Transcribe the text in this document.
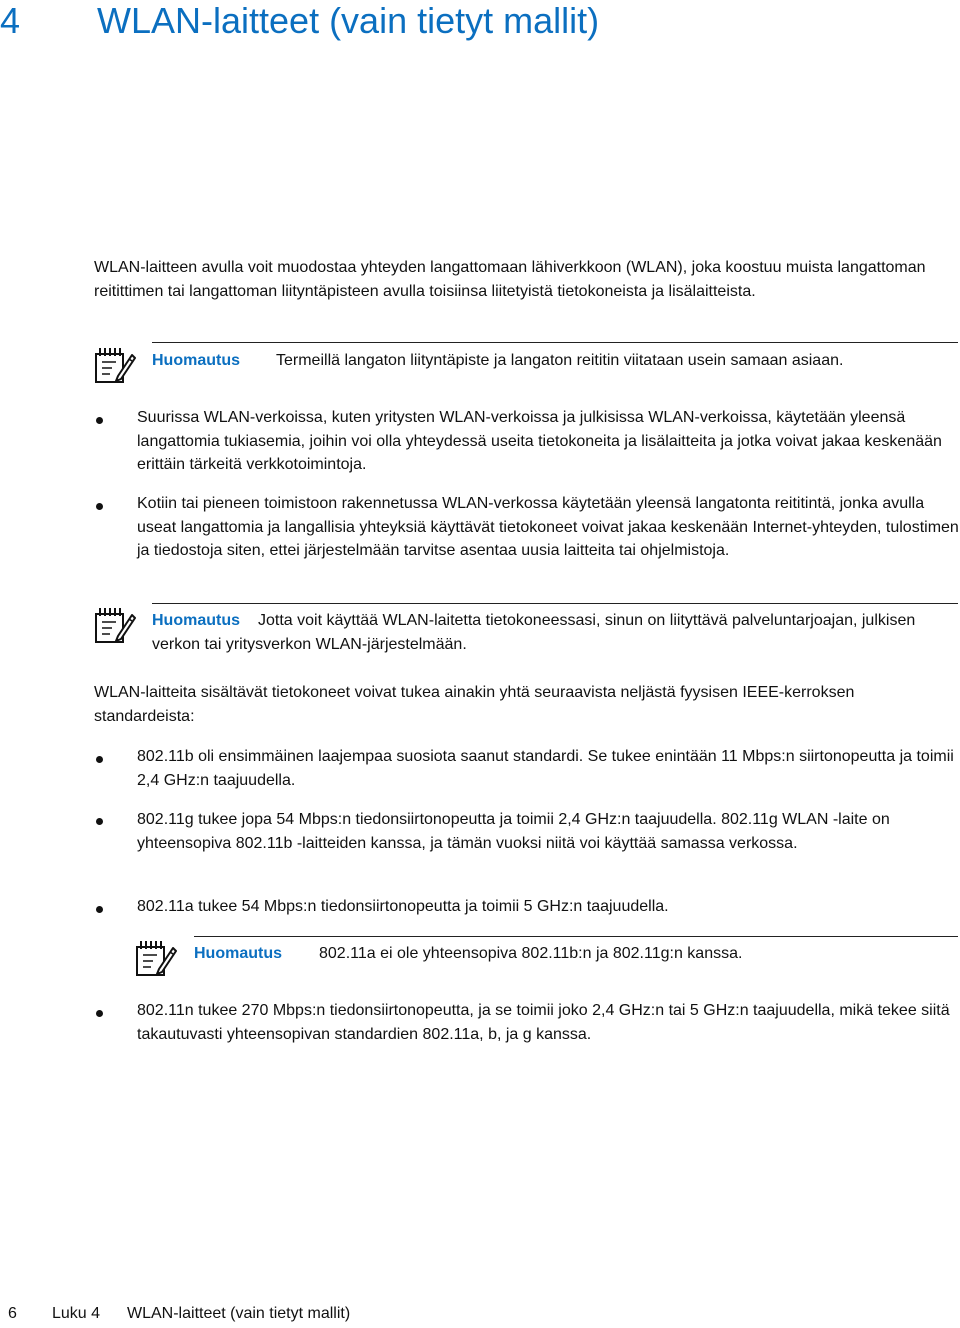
4 WLAN-laitteet (vain tietyt mallit)

WLAN-laitteen avulla voit muodostaa yhteyden langattomaan lähiverkkoon (WLAN), joka koostuu muista langattoman reitittimen tai langattoman liityntäpisteen avulla toisiinsa liitetyistä tietokoneista ja lisälaitteista.

Huomautus Termeillä langaton liityntäpiste ja langaton reititin viitataan usein samaan asiaan.
Suurissa WLAN-verkoissa, kuten yritysten WLAN-verkoissa ja julkisissa WLAN-verkoissa, käytetään yleensä langattomia tukiasemia, joihin voi olla yhteydessä useita tietokoneita ja lisälaitteita ja jotka voivat jakaa keskenään erittäin tärkeitä verkkotoimintoja.
Kotiin tai pieneen toimistoon rakennetussa WLAN-verkossa käytetään yleensä langatonta reititintä, jonka avulla useat langattomia ja langallisia yhteyksiä käyttävät tietokoneet voivat jakaa keskenään Internet-yhteyden, tulostimen ja tiedostoja siten, ettei järjestelmään tarvitse asentaa uusia laitteita tai ohjelmistoja.
Huomautus Jotta voit käyttää WLAN-laitetta tietokoneessasi, sinun on liityttävä palveluntarjoajan, julkisen verkon tai yritysverkon WLAN-järjestelmään.

WLAN-laitteita sisältävät tietokoneet voivat tukea ainakin yhtä seuraavista neljästä fyysisen IEEE-kerroksen standardeista:

802.11b oli ensimmäinen laajempaa suosiota saanut standardi. Se tukee enintään 11 Mbps:n siirtonopeutta ja toimii 2,4 GHz:n taajuudella.
802.11g tukee jopa 54 Mbps:n tiedonsiirtonopeutta ja toimii 2,4 GHz:n taajuudella. 802.11g WLAN -laite on yhteensopiva 802.11b -laitteiden kanssa, ja tämän vuoksi niitä voi käyttää samassa verkossa.
802.11a tukee 54 Mbps:n tiedonsiirtonopeutta ja toimii 5 GHz:n taajuudella.
Huomautus 802.11a ei ole yhteensopiva 802.11b:n ja 802.11g:n kanssa.
802.11n tukee 270 Mbps:n tiedonsiirtonopeutta, ja se toimii joko 2,4 GHz:n tai 5 GHz:n taajuudella, mikä tekee siitä takautuvasti yhteensopivan standardien 802.11a, b, ja g kanssa.
6 Luku 4 WLAN-laitteet (vain tietyt mallit)
